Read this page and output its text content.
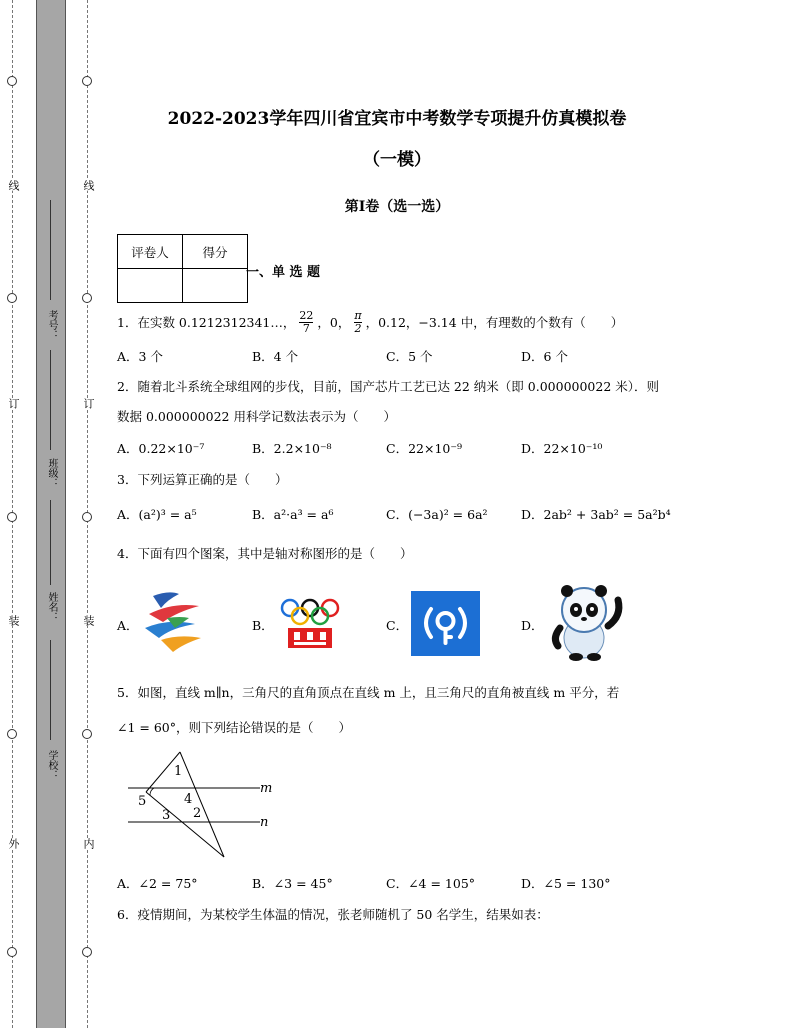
线
订
装
外
线
订
装
内
考号：
班级：
姓名：
学校：
2022-2023学年四川省宜宾市中考数学专项提升仿真模拟卷
（一模）
第I卷（选一选）
评卷人	得分

一、单 选 题
1．在实数 0.1212312341…， $\frac{22}{7}$ ，0， $\frac{\pi}{2}$ ，0.12，−3.14 中，有理数的个数有（　　）
A．3 个	B．4 个	C．5 个	D．6 个
2．随着北斗系统全球组网的步伐，目前，国产芯片工艺已达 22 纳米（即 0.000000022 米）．则
数据 0.000000022 用科学记数法表示为（　　）
A．0.22×10⁻⁷	B．2.2×10⁻⁸	C．22×10⁻⁹	D．22×10⁻¹⁰
3．下列运算正确的是（　　）
A．(a²)³ = a⁵	B．a²·a³ = a⁶	C．(−3a)² = 6a²	D．2ab² + 3ab² = 5a²b⁴
4．下面有四个图案，其中是轴对称图形的是（　　）
A．	B．	C．	D．
5．如图，直线 m∥n，三角尺的直角顶点在直线 m 上，且三角尺的直角被直线 m 平分，若
∠1 = 60°，则下列结论错误的是（　　）
1
2
3
4
5
m
n
A．∠2 = 75°	B．∠3 = 45°	C．∠4 = 105°	D．∠5 = 130°
6．疫情期间，为某校学生体温的情况，张老师随机了 50 名学生，结果如表：
